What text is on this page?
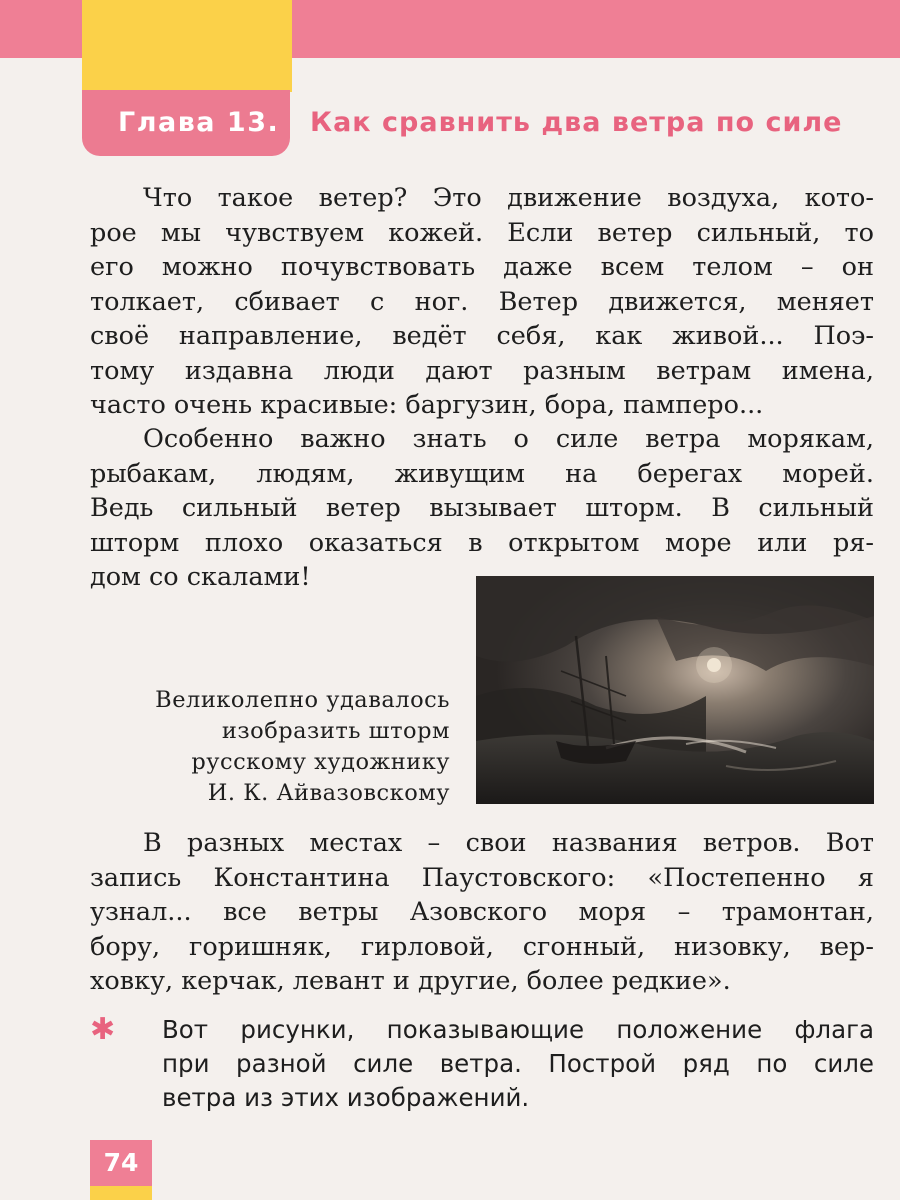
Глава 13. Как сравнить два ветра по силе

Что такое ветер? Это движение воздуха, кото-

рое мы чувствуем кожей. Если ветер сильный, то

его можно почувствовать даже всем телом – он

толкает, сбивает с ног. Ветер движется, меняет

своё направление, ведёт себя, как живой... Поэ-

тому издавна люди дают разным ветрам имена,

часто очень красивые: баргузин, бора, памперо...

Особенно важно знать о силе ветра морякам,

рыбакам, людям, живущим на берегах морей.

Ведь сильный ветер вызывает шторм. В сильный

шторм плохо оказаться в открытом море или ря-

дом со скалами!

Великолепно удавалось

изобразить шторм

русскому художнику

И. К. Айвазовскому

В разных местах – свои названия ветров. Вот

запись Константина Паустовского: «Постепенно я

узнал... все ветры Азовского моря – трамонтан,

бору, горишняк, гирловой, сгонный, низовку, вер-

ховку, керчак, левант и другие, более редкие».

✱ Вот рисунки, показывающие положение флага

при разной силе ветра. Построй ряд по силе

ветра из этих изображений.

74
